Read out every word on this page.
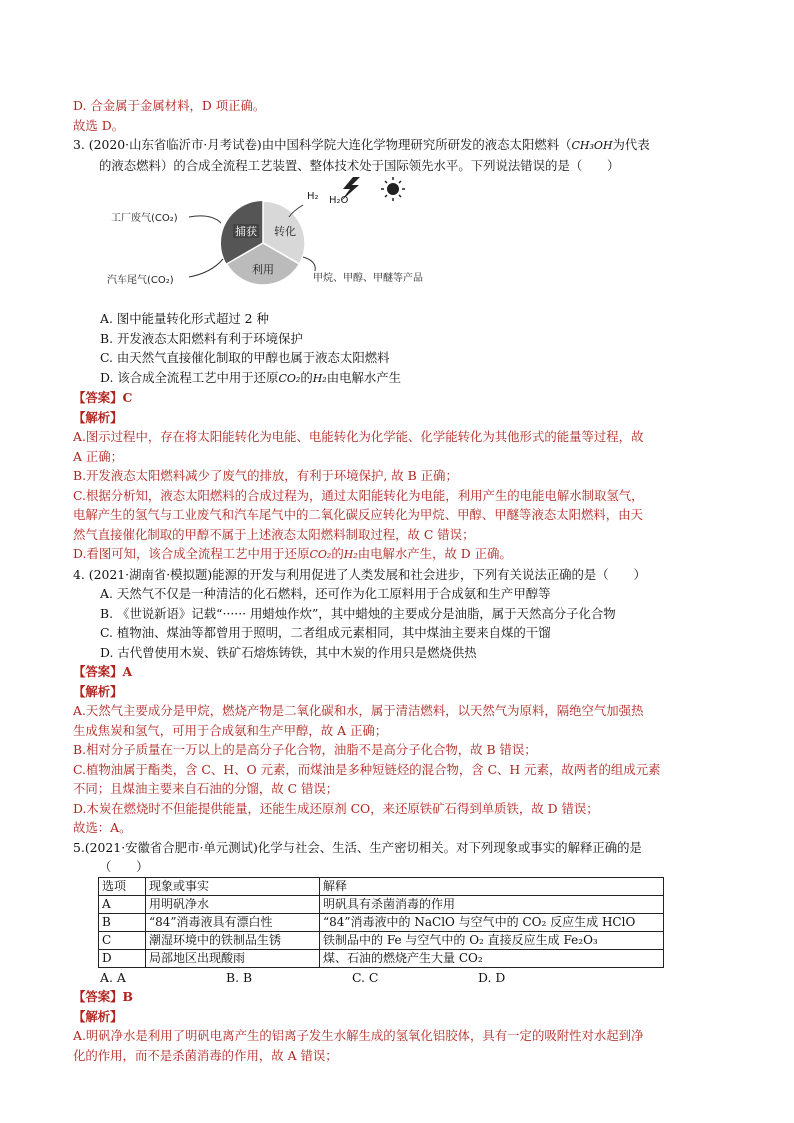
D. 合金属于金属材料，D 项正确。
故选 D。
3. (2020·山东省临沂市·月考试卷)由中国科学院大连化学物理研究所研发的液态太阳燃料（CH₃OH为代表
的液态燃料）的合成全流程工艺装置、整体技术处于国际领先水平。下列说法错误的是（　　）
捕获 转化
利用
工厂废气(CO₂)
汽车尾气(CO₂)
H₂ H₂O
甲烷、甲醇、甲醚等产品
A. 图中能量转化形式超过 2 种
B. 开发液态太阳燃料有利于环境保护
C. 由天然气直接催化制取的甲醇也属于液态太阳燃料
D. 该合成全流程工艺中用于还原CO₂的H₂由电解水产生
【答案】C
【解析】
A.图示过程中，存在将太阳能转化为电能、电能转化为化学能、化学能转化为其他形式的能量等过程，故
A 正确；
B.开发液态太阳燃料减少了废气的排放，有利于环境保护, 故 B 正确；
C.根据分析知，液态太阳燃料的合成过程为，通过太阳能转化为电能，利用产生的电能电解水制取氢气，
电解产生的氢气与工业废气和汽车尾气中的二氧化碳反应转化为甲烷、甲醇、甲醚等液态太阳燃料，由天
然气直接催化制取的甲醇不属于上述液态太阳燃料制取过程，故 C 错误；
D.看图可知，该合成全流程工艺中用于还原CO₂的H₂由电解水产生，故 D 正确。
4. (2021·湖南省·模拟题)能源的开发与利用促进了人类发展和社会进步，下列有关说法正确的是（　　）
A. 天然气不仅是一种清洁的化石燃料，还可作为化工原料用于合成氨和生产甲醇等
B. 《世说新语》记载“······ 用蜡烛作炊”，其中蜡烛的主要成分是油脂，属于天然高分子化合物
C. 植物油、煤油等都曾用于照明，二者组成元素相同，其中煤油主要来自煤的干馏
D. 古代曾使用木炭、铁矿石熔炼铸铁，其中木炭的作用只是燃烧供热
【答案】A
【解析】
A.天然气主要成分是甲烷，燃烧产物是二氧化碳和水，属于清洁燃料，以天然气为原料，隔绝空气加强热
生成焦炭和氢气，可用于合成氨和生产甲醇，故 A 正确；
B.相对分子质量在一万以上的是高分子化合物，油脂不是高分子化合物，故 B 错误；
C.植物油属于酯类，含 C、H、O 元素，而煤油是多种短链烃的混合物，含 C、H 元素，故两者的组成元素
不同；且煤油主要来自石油的分馏，故 C 错误；
D.木炭在燃烧时不但能提供能量，还能生成还原剂 CO，来还原铁矿石得到单质铁，故 D 错误；
故选：A。
5.(2021·安徽省合肥市·单元测试)化学与社会、生活、生产密切相关。对下列现象或事实的解释正确的是
（　　）
选项	现象或事实	解释
A	用明矾净水	明矾具有杀菌消毒的作用
B	“84”消毒液具有漂白性	“84”消毒液中的 NaClO 与空气中的 CO₂ 反应生成 HClO
C	潮湿环境中的铁制品生锈	铁制品中的 Fe 与空气中的 O₂ 直接反应生成 Fe₂O₃
D	局部地区出现酸雨	煤、石油的燃烧产生大量 CO₂
A. A	B. B	C. C	D. D
【答案】B
【解析】
A.明矾净水是利用了明矾电离产生的铝离子发生水解生成的氢氧化铝胶体，具有一定的吸附性对水起到净
化的作用，而不是杀菌消毒的作用，故 A 错误；
